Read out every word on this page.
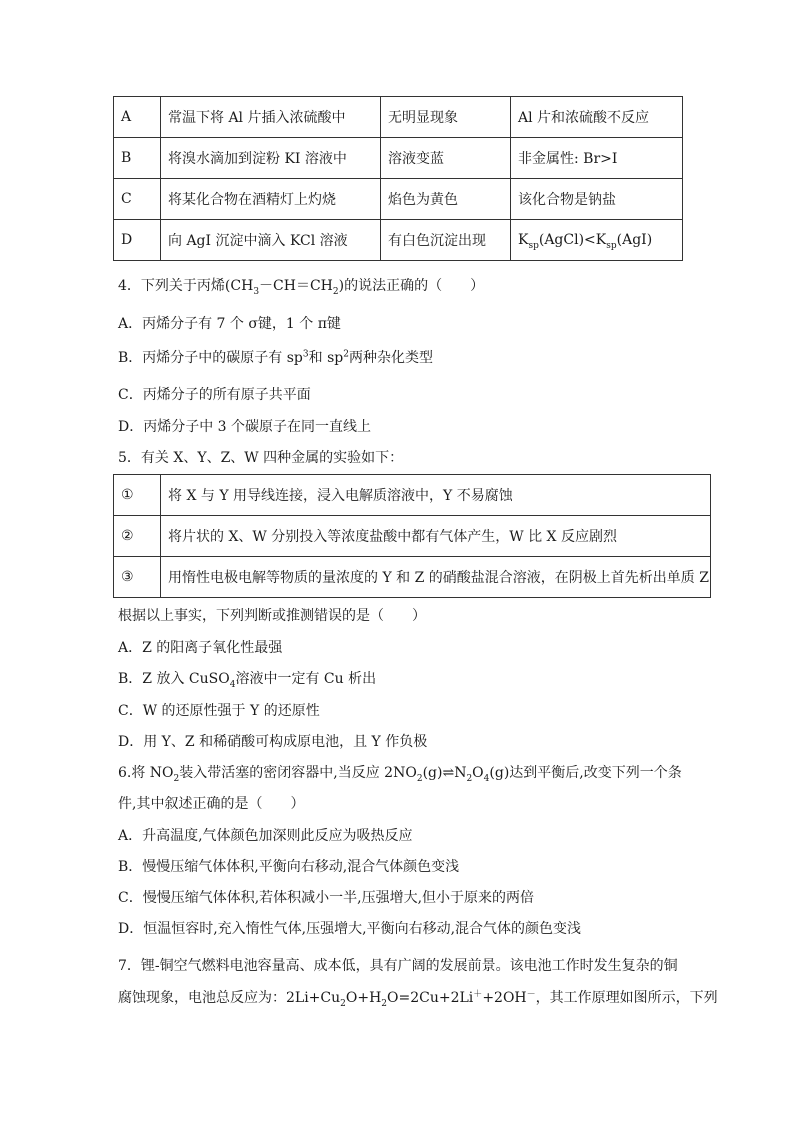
A	常温下将 Al 片插入浓硫酸中	无明显现象	Al 片和浓硫酸不反应
B	将溴水滴加到淀粉 KI 溶液中	溶液变蓝	非金属性: Br>I
C	将某化合物在酒精灯上灼烧	焰色为黄色	该化合物是钠盐
D	向 AgI 沉淀中滴入 KCl 溶液	有白色沉淀出现	$K_{sp}(AgCl)<K_{sp}(AgI)$
4．下列关于丙烯$(CH_3-CH=CH_2)$的说法正确的（　　）
A．丙烯分子有 7 个 σ键，1 个 π键
B．丙烯分子中的碳原子有 $sp^3$和 $sp^2$两种杂化类型
C．丙烯分子的所有原子共平面
D．丙烯分子中 3 个碳原子在同一直线上
5．有关 X、Y、Z、W 四种金属的实验如下：
①	将 X 与 Y 用导线连接，浸入电解质溶液中，Y 不易腐蚀
②	将片状的 X、W 分别投入等浓度盐酸中都有气体产生，W 比 X 反应剧烈
③	用惰性电极电解等物质的量浓度的 Y 和 Z 的硝酸盐混合溶液，在阴极上首先析出单质 Z
根据以上事实，下列判断或推测错误的是（　　）
A．Z 的阳离子氧化性最强
B．Z 放入 CuSO$_4$溶液中一定有 Cu 析出
C．W 的还原性强于 Y 的还原性
D．用 Y、Z 和稀硝酸可构成原电池，且 Y 作负极
6.将 $NO_2$装入带活塞的密闭容器中,当反应 $2NO_2(g)\rightleftharpoons N_2O_4(g)$达到平衡后,改变下列一个条
件,其中叙述正确的是（　　）
A．升高温度,气体颜色加深则此反应为吸热反应
B．慢慢压缩气体体积,平衡向右移动,混合气体颜色变浅
C．慢慢压缩气体体积,若体积减小一半,压强增大,但小于原来的两倍
D．恒温恒容时,充入惰性气体,压强增大,平衡向右移动,混合气体的颜色变浅
7．锂-铜空气燃料电池容量高、成本低，具有广阔的发展前景。该电池工作时发生复杂的铜
腐蚀现象，电池总反应为：$2Li+Cu_2O+H_2O=2Cu+2Li^++2OH^-$，其工作原理如图所示，下列
